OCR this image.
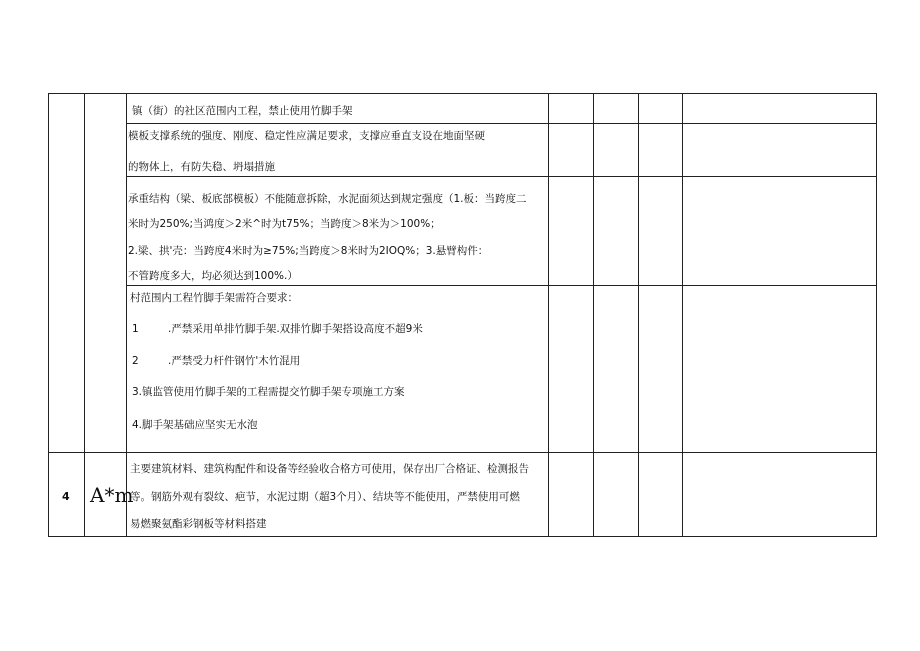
镇（街）的社区范围内工程，禁止使用竹脚手架
模板支撑系统的强度、刚度、稳定性应满足要求，支撑应垂直支设在地面坚硬
的物体上，有防失稳、坍塌措施
承重结构（梁、板底部模板）不能随意拆除，水泥面须达到规定强度（1.板：当跨度二
米时为250%;当鸿度＞2米^时为t75%；当跨度＞8米为＞100%；
2.梁、拱'壳：当跨度4米时为≥75%;当跨度＞8米时为2IOQ%；3.悬臂构件：
不管跨度多大，均必须达到100%.）
村范围内工程竹脚手架需符合要求：
1	.严禁采用单排竹脚手架.双排竹脚手架搭设高度不超9米
2	.严禁受力杆件钢竹'木竹混用
3.镇监管使用竹脚手架的工程需提交竹脚手架专项施工方案
4.脚手架基础应坚实无水泡
4 A*m
主要建筑材料、建筑构配件和设备等经验收合格方可使用，保存出厂合格证、检测报告
等。钢筋外观有裂纹、疤节，水泥过期（超3个月）、结块等不能使用，严禁使用可燃
易燃聚氨酯彩钢板等材料搭建
